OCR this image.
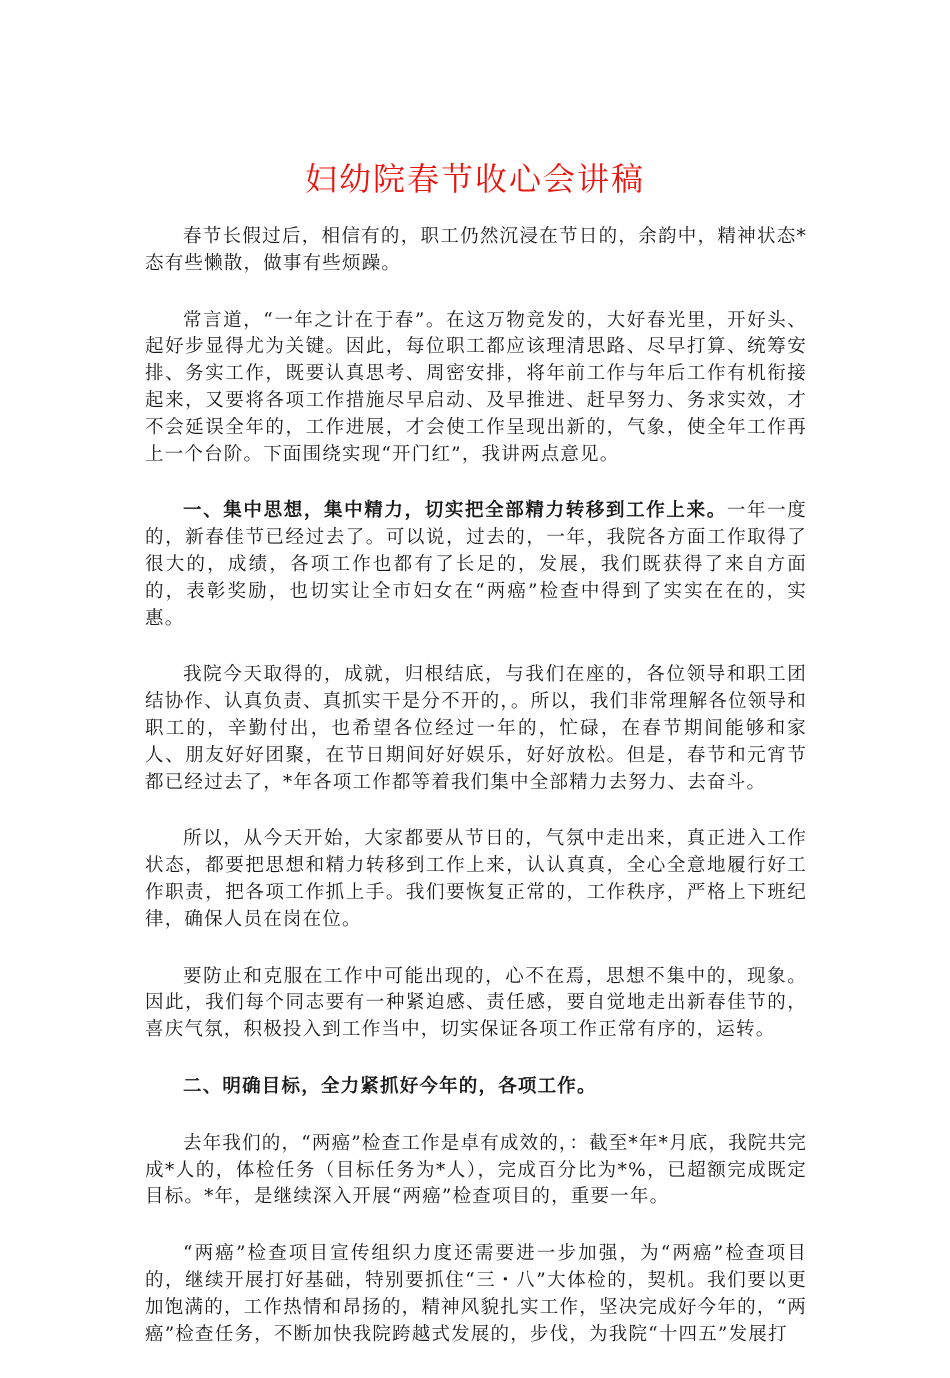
妇幼院春节收心会讲稿

春节长假过后，相信有的，职工仍然沉浸在节日的，余韵中，精神状态*态有些懒散，做事有些烦躁。

常言道，“一年之计在于春”。在这万物竞发的，大好春光里，开好头、起好步显得尤为关键。因此，每位职工都应该理清思路、尽早打算、统筹安排、务实工作，既要认真思考、周密安排，将年前工作与年后工作有机衔接起来，又要将各项工作措施尽早启动、及早推进、赶早努力、务求实效，才不会延误全年的，工作进展，才会使工作呈现出新的，气象，使全年工作再上一个台阶。下面围绕实现“开门红”，我讲两点意见。

一、集中思想，集中精力，切实把全部精力转移到工作上来。一年一度的，新春佳节已经过去了。可以说，过去的，一年，我院各方面工作取得了很大的，成绩，各项工作也都有了长足的，发展，我们既获得了来自方面的，表彰奖励，也切实让全市妇女在“两癌”检查中得到了实实在在的，实惠。

我院今天取得的，成就，归根结底，与我们在座的，各位领导和职工团结协作、认真负责、真抓实干是分不开的，。所以，我们非常理解各位领导和职工的，辛勤付出，也希望各位经过一年的，忙碌，在春节期间能够和家人、朋友好好团聚，在节日期间好好娱乐，好好放松。但是，春节和元宵节都已经过去了，*年各项工作都等着我们集中全部精力去努力、去奋斗。

所以，从今天开始，大家都要从节日的，气氛中走出来，真正进入工作状态，都要把思想和精力转移到工作上来，认认真真，全心全意地履行好工作职责，把各项工作抓上手。我们要恢复正常的，工作秩序，严格上下班纪律，确保人员在岗在位。

要防止和克服在工作中可能出现的，心不在焉，思想不集中的，现象。因此，我们每个同志要有一种紧迫感、责任感，要自觉地走出新春佳节的，喜庆气氛，积极投入到工作当中，切实保证各项工作正常有序的，运转。

二、明确目标，全力紧抓好今年的，各项工作。

去年我们的，“两癌”检查工作是卓有成效的，：截至*年*月底，我院共完成*人的，体检任务（目标任务为*人），完成百分比为*%，已超额完成既定目标。*年，是继续深入开展“两癌”检查项目的，重要一年。

“两癌”检查项目宣传组织力度还需要进一步加强，为“两癌”检查项目的，继续开展打好基础，特别要抓住“三・八”大体检的，契机。我们要以更加饱满的，工作热情和昂扬的，精神风貌扎实工作，坚决完成好今年的，“两癌”检查任务，不断加快我院跨越式发展的，步伐，为我院“十四五”发展打
